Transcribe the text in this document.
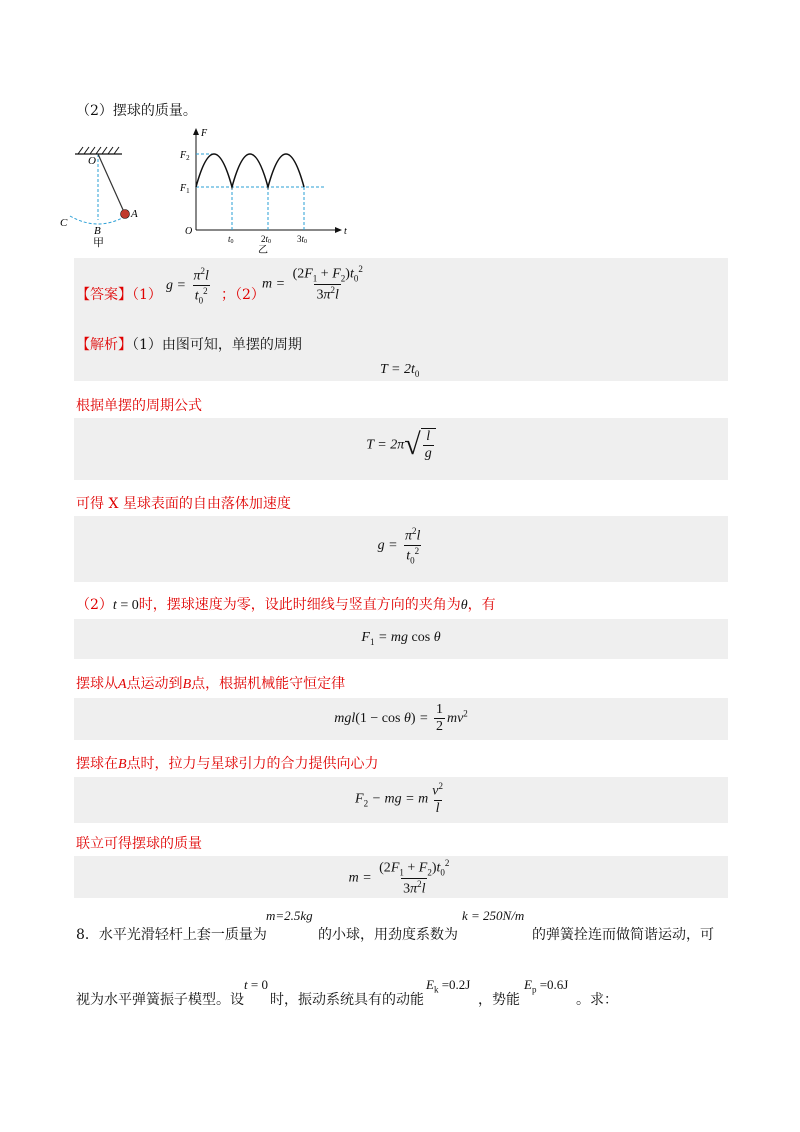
（2）摆球的质量。
O
A
B
C
甲
F
t
$F_2$
$F_1$
O
t0	2t0	3t0
乙
【答案】（1）
$g = \frac{\pi^2l}{t_0^2}$ ；（2）
$m = \frac{(2F_1 + F_2)t_0^2}{3\pi^2l}$
【解析】（1）由图可知，单摆的周期
$T = 2t_0$
根据单摆的周期公式
T = 2π √ $\frac{l}{g}$
可得 X 星球表面的自由落体加速度
$g = \frac{\pi^2l}{t_0^2}$
（2）t = 0时，摆球速度为零，设此时细线与竖直方向的夹角为θ，有
$F_1$ = mg cos θ
摆球从A点运动到B点，根据机械能守恒定律
$mgl(1 - \cos \theta) = \frac{1}{2} mv^2$
摆球在B点时，拉力与星球引力的合力提供向心力
$F_2$ − mg = m $\frac{v^2}{l}$
联立可得摆球的质量
$m = \frac{(2F_1 + F_2)t_0^2}{3\pi^2l}$
8．水平光滑轻杆上套一质量为
m=2.5kg
的小球，用劲度系数为
k = 250N/m
的弹簧拴连而做简谐运动，可
视为水平弹簧振子模型。设
t = 0
时，振动系统具有的动能
$E_k =0.2J$
，势能
$E_p =0.6J$
。求：
